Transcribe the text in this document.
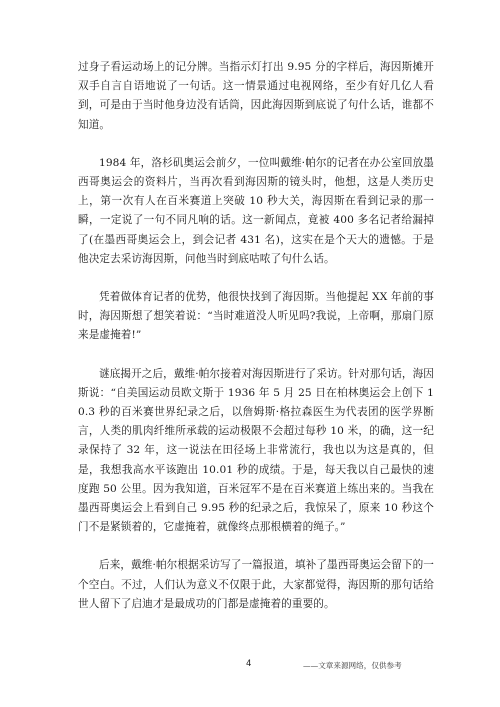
过身子看运动场上的记分牌。当指示灯打出 9.95 分的字样后，海因斯摊开双手自言自语地说了一句话。这一情景通过电视网络，至少有好几亿人看到，可是由于当时他身边没有话筒，因此海因斯到底说了句什么话，谁都不知道。

1984 年，洛杉矶奥运会前夕，一位叫戴维·帕尔的记者在办公室回放墨西哥奥运会的资料片，当再次看到海因斯的镜头时，他想，这是人类历史上，第一次有人在百米赛道上突破 10 秒大关，海因斯在看到记录的那一瞬，一定说了一句不同凡响的话。这一新闻点，竟被 400 多名记者给漏掉了(在墨西哥奥运会上，到会记者 431 名)，这实在是个天大的遗憾。于是他决定去采访海因斯，问他当时到底咕哝了句什么话。

凭着做体育记者的优势，他很快找到了海因斯。当他提起 XX 年前的事时，海因斯想了想笑着说：“当时难道没人听见吗?我说，上帝啊，那扇门原来是虚掩着!”

谜底揭开之后，戴维·帕尔接着对海因斯进行了采访。针对那句话，海因斯说：“自美国运动员欧文斯于 1936 年 5 月 25 日在柏林奥运会上创下 10.3 秒的百米赛世界纪录之后，以詹姆斯·格拉森医生为代表团的医学界断言，人类的肌肉纤维所承载的运动极限不会超过每秒 10 米，的确，这一纪录保持了 32 年，这一说法在田径场上非常流行，我也以为这是真的，但是，我想我高水平该跑出 10.01 秒的成绩。于是，每天我以自己最快的速度跑 50 公里。因为我知道，百米冠军不是在百米赛道上练出来的。当我在墨西哥奥运会上看到自己 9.95 秒的纪录之后，我惊呆了，原来 10 秒这个门不是紧锁着的，它虚掩着，就像终点那根横着的绳子。”

后来，戴维·帕尔根据采访写了一篇报道，填补了墨西哥奥运会留下的一个空白。不过，人们认为意义不仅限于此，大家都觉得，海因斯的那句话给世人留下了启迪才是最成功的门都是虚掩着的重要的。

4	——文章来源网络，仅供参考
